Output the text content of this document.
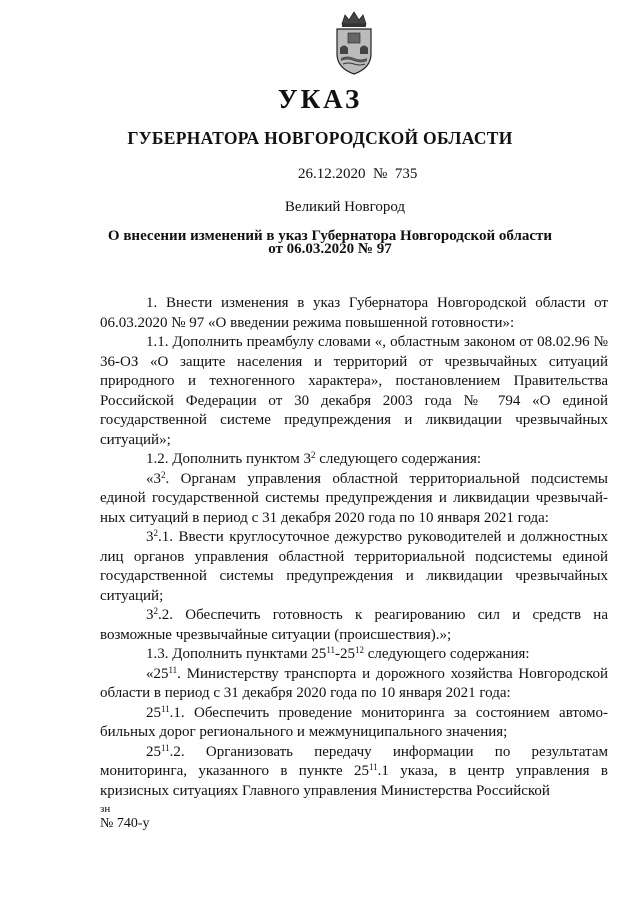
УКАЗ
ГУБЕРНАТОРА НОВГОРОДСКОЙ ОБЛАСТИ
26.12.2020 № 735
Великий Новгород
О внесении изменений в указ Губернатора Новгородской области
от 06.03.2020 № 97

1. Внести изменения в указ Губернатора Новгородской области от 06.03.2020 № 97 «О введении режима повышенной готовности»:

1.1. Дополнить преамбулу словами «, областным законом от 08.02.96 № 36-ОЗ «О защите населения и территорий от чрезвычайных ситуаций природного и техногенного характера», постановлением Правительства Российской Федерации от 30 декабря 2003 года № 794 «О единой государственной системе предупреждения и ликвидации чрезвычайных ситуаций»;

1.2. Дополнить пунктом $3^2$ следующего содержания:

«$3^2$. Органам управления областной территориальной подсистемы единой государственной системы предупреждения и ликвидации чрезвычайных ситуаций в период с 31 декабря 2020 года по 10 января 2021 года:

$3^2.1$. Ввести круглосуточное дежурство руководителей и должностных лиц органов управления областной территориальной подсистемы единой государственной системы предупреждения и ликвидации чрезвычайных ситуаций;

$3^2.2$. Обеспечить готовность к реагированию сил и средств на возможные чрезвычайные ситуации (происшествия).»;

1.3. Дополнить пунктами $25^{11}-25^{12}$ следующего содержания:

«$25^{11}$. Министерству транспорта и дорожного хозяйства Новгородской области в период с 31 декабря 2020 года по 10 января 2021 года:

$25^{11}.1$. Обеспечить проведение мониторинга за состоянием автомобильных дорог регионального и межмуниципального значения;

$25^{11}.2$. Организовать передачу информации по результатам мониторинга, указанного в пункте $25^{11}.1$ указа, в центр управления в кризисных ситуациях Главного управления Министерства Российской

зн
№ 740-у
